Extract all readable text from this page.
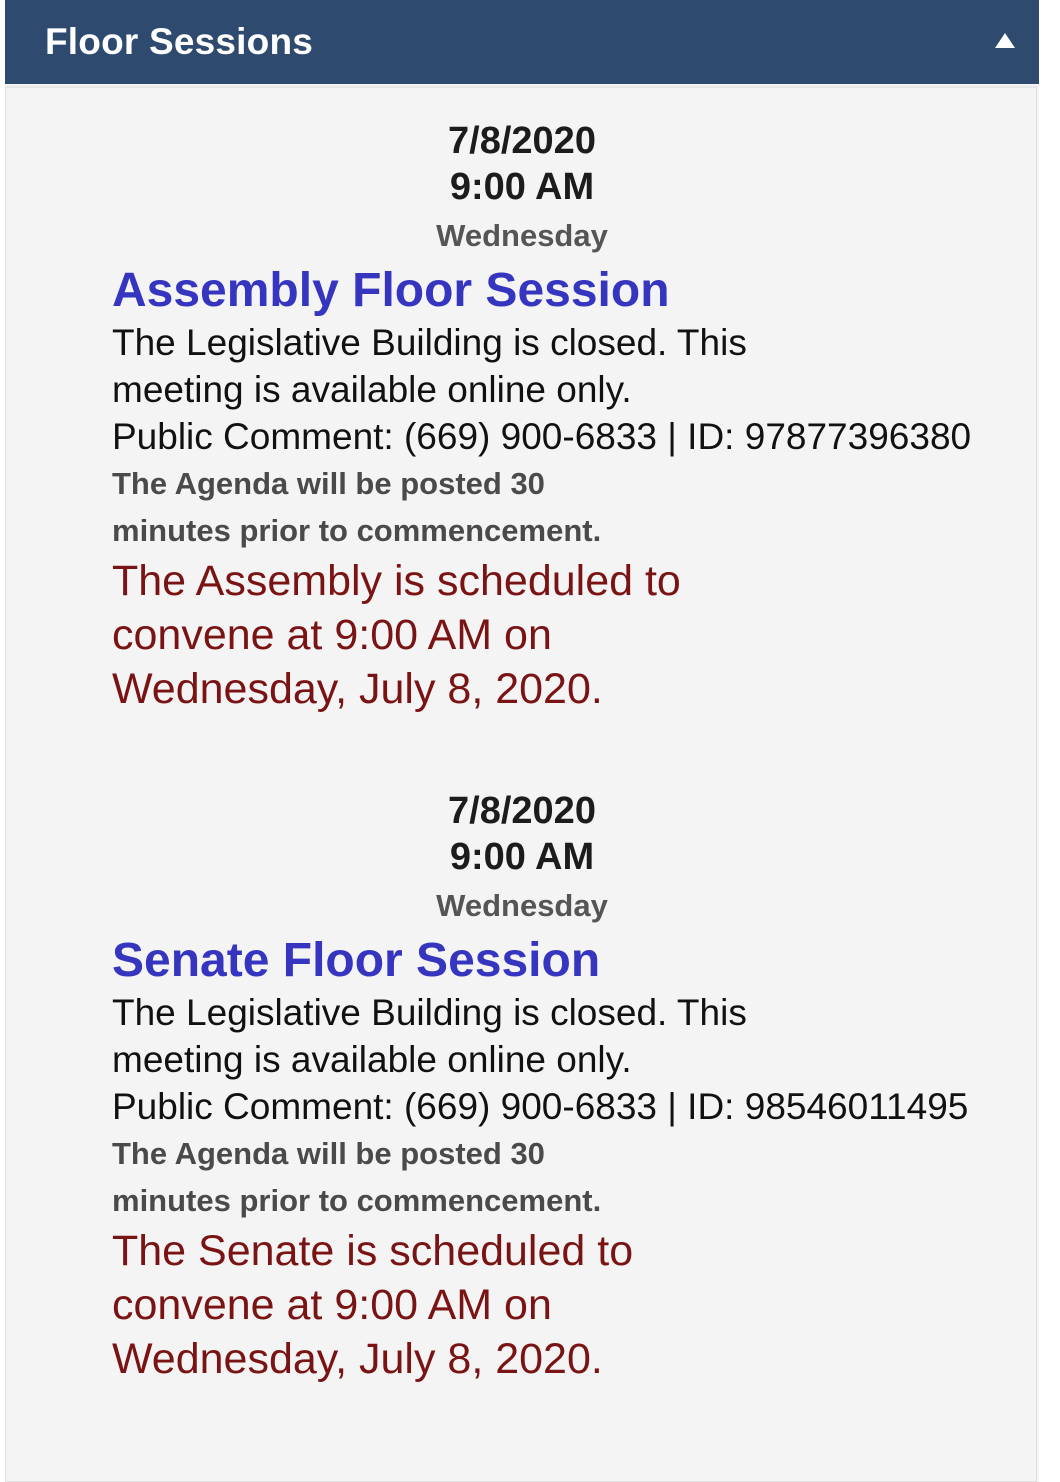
Floor Sessions
7/8/2020
9:00 AM
Wednesday
Assembly Floor Session
The Legislative Building is closed. This meeting is available online only.
Public Comment: (669) 900-6833 | ID: 97877396380
The Agenda will be posted 30 minutes prior to commencement.
The Assembly is scheduled to convene at 9:00 AM on Wednesday, July 8, 2020.
7/8/2020
9:00 AM
Wednesday
Senate Floor Session
The Legislative Building is closed. This meeting is available online only.
Public Comment: (669) 900-6833 | ID: 98546011495
The Agenda will be posted 30 minutes prior to commencement.
The Senate is scheduled to convene at 9:00 AM on Wednesday, July 8, 2020.
